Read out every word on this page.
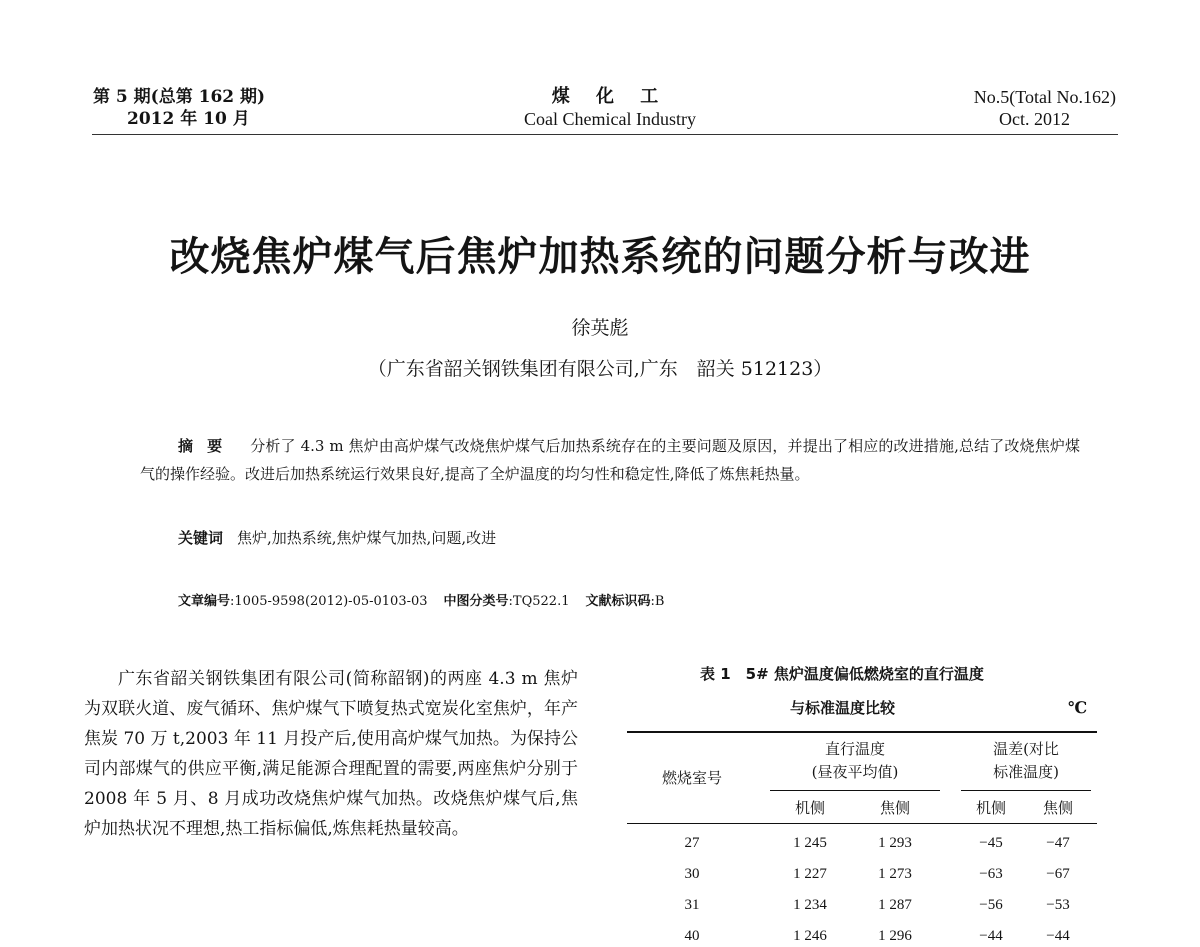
第 5 期(总第 162 期)
2012 年 10 月
煤 化 工
Coal Chemical Industry
No.5(Total No.162)
Oct. 2012
改烧焦炉煤气后焦炉加热系统的问题分析与改进
徐英彪
（广东省韶关钢铁集团有限公司,广东　韶关 512123）
摘要 分析了 4.3 m 焦炉由高炉煤气改烧焦炉煤气后加热系统存在的主要问题及原因，并提出了相应的改进措施,总结了改烧焦炉煤气的操作经验。改进后加热系统运行效果良好,提高了全炉温度的均匀性和稳定性,降低了炼焦耗热量。
关键词 焦炉,加热系统,焦炉煤气加热,问题,改进
文章编号:1005-9598(2012)-05-0103-03 中图分类号:TQ522.1 文献标识码:B

广东省韶关钢铁集团有限公司(简称韶钢)的两座 4.3 m 焦炉为双联火道、废气循环、焦炉煤气下喷复热式宽炭化室焦炉，年产焦炭 70 万 t,2003 年 11 月投产后,使用高炉煤气加热。为保持公司内部煤气的供应平衡,满足能源合理配置的需要,两座焦炉分别于 2008 年 5 月、8 月成功改烧焦炉煤气加热。改烧焦炉煤气后,焦炉加热状况不理想,热工指标偏低,炼焦耗热量较高。

表 1　5# 焦炉温度偏低燃烧室的直行温度
与标准温度比较	℃
燃烧室号
直行温度
(昼夜平均值)
温差(对比
标准温度)
机侧	焦侧	机侧	焦侧
27	1 245	1 293	−45	−47
30	1 227	1 273	−63	−67
31	1 234	1 287	−56	−53
40	1 246	1 296	−44	−44
